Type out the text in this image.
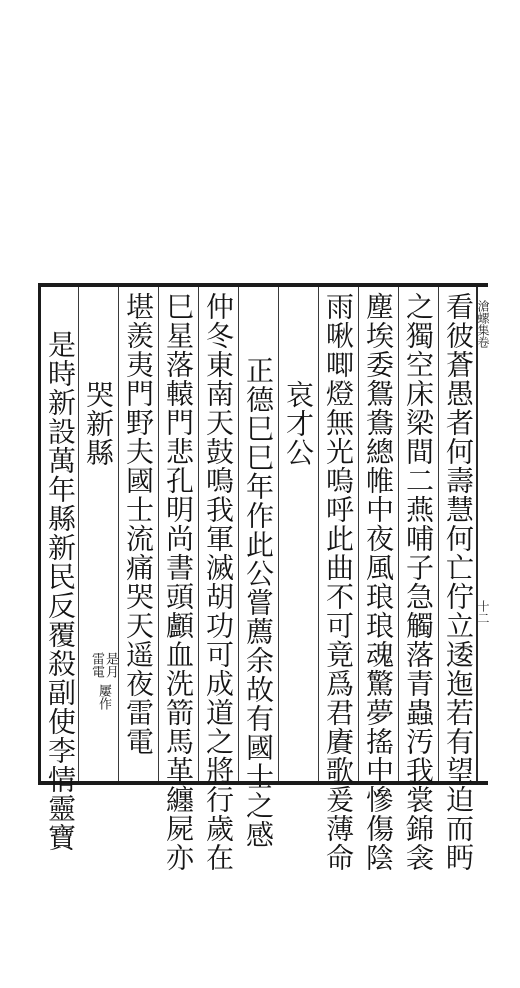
滄螺集卷
十二
看彼蒼愚者何壽慧何亡佇立逶迤若有望迫而眄
之獨空床梁間二燕哺子急觸落青蟲汚我裳錦衾
塵埃委鴛鴦總帷中夜風琅琅魂驚夢搖中慘傷陰
雨啾唧燈無光嗚呼此曲不可竟爲君賡歌爰薄命
哀才公
正德巳巳年作此公嘗薦余故有國士之感
仲冬東南天鼓鳴我軍滅胡功可成道之將行歲在
巳星落轅門悲孔明尚書頭顱血洗箭馬革纏屍亦
堪羨夷門野夫國士流痛哭天遥夜雷電
是月
雷電
屢作
哭新縣
是時新設萬年縣新民反覆殺副使李情靈寶
